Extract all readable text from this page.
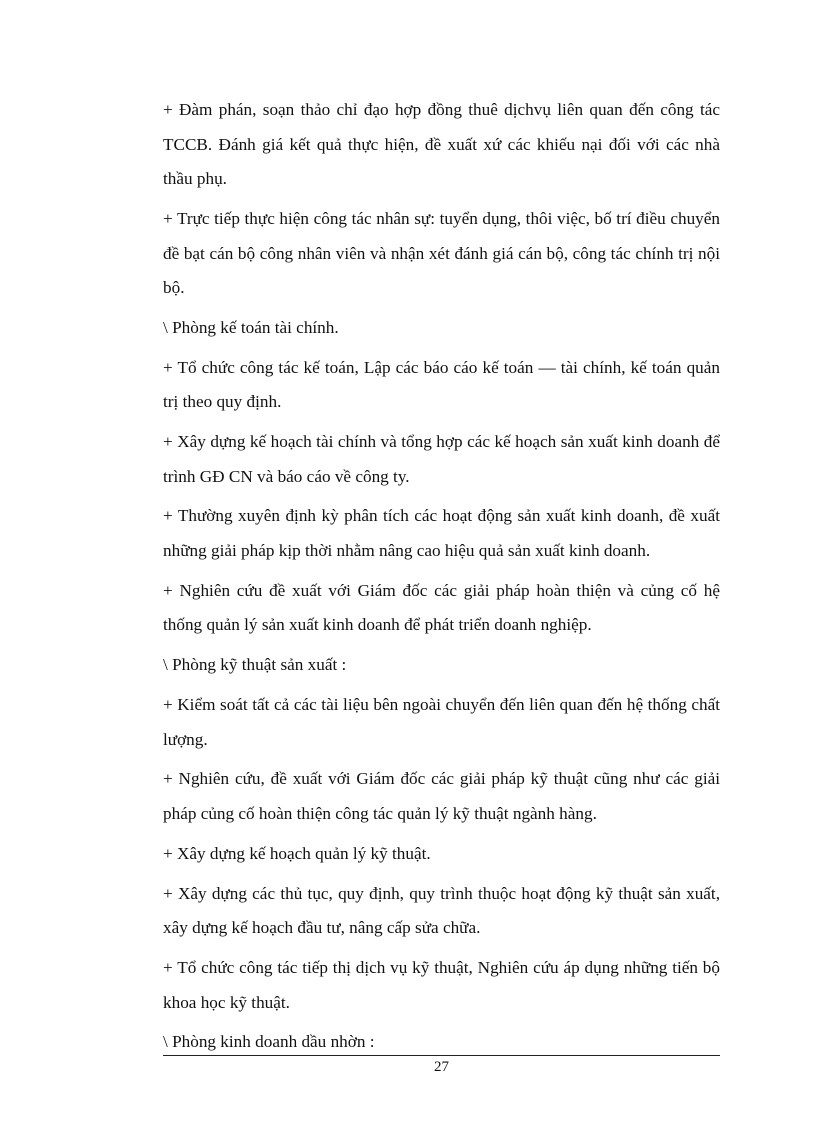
+ Đàm phán, soạn thảo chỉ đạo hợp đồng thuê dịchvụ liên quan đến công tác TCCB. Đánh giá kết quả thực hiện, đề xuất xứ các khiếu nại đối với các nhà thầu phụ.

+ Trực tiếp thực hiện công tác nhân sự: tuyển dụng, thôi việc, bố trí điều chuyển đề bạt cán bộ công nhân viên và nhận xét đánh giá cán bộ, công tác chính trị nội bộ.

\ Phòng kế toán tài chính.

+ Tổ chức công tác kế toán, Lập các báo cáo kế toán — tài chính, kế toán quản trị theo quy định.

+ Xây dựng kế hoạch tài chính và tổng hợp các kế hoạch sản xuất kinh doanh để trình GĐ CN và báo cáo về công ty.

+ Thường xuyên định kỳ phân tích các hoạt động sản xuất kinh doanh, đề xuất những giải pháp kịp thời nhằm nâng cao hiệu quả sản xuất kinh doanh.

+ Nghiên cứu đề xuất với Giám đốc các giải pháp hoàn thiện và củng cố hệ thống quản lý sản xuất kinh doanh để phát triển doanh nghiệp.

\ Phòng kỹ thuật sản xuất :

+ Kiểm soát tất cả các tài liệu bên ngoài chuyển đến liên quan đến hệ thống chất lượng.

+ Nghiên cứu, đề xuất với Giám đốc các giải pháp kỹ thuật cũng như các giải pháp củng cố hoàn thiện công tác quản lý kỹ thuật ngành hàng.

+ Xây dựng kế hoạch quản lý kỹ thuật.

+ Xây dựng các thủ tục, quy định, quy trình thuộc hoạt động kỹ thuật sản xuất, xây dựng kế hoạch đầu tư, nâng cấp sửa chữa.

+ Tổ chức công tác tiếp thị dịch vụ kỹ thuật, Nghiên cứu áp dụng những tiến bộ khoa học kỹ thuật.

\ Phòng kinh doanh dầu nhờn :

27
